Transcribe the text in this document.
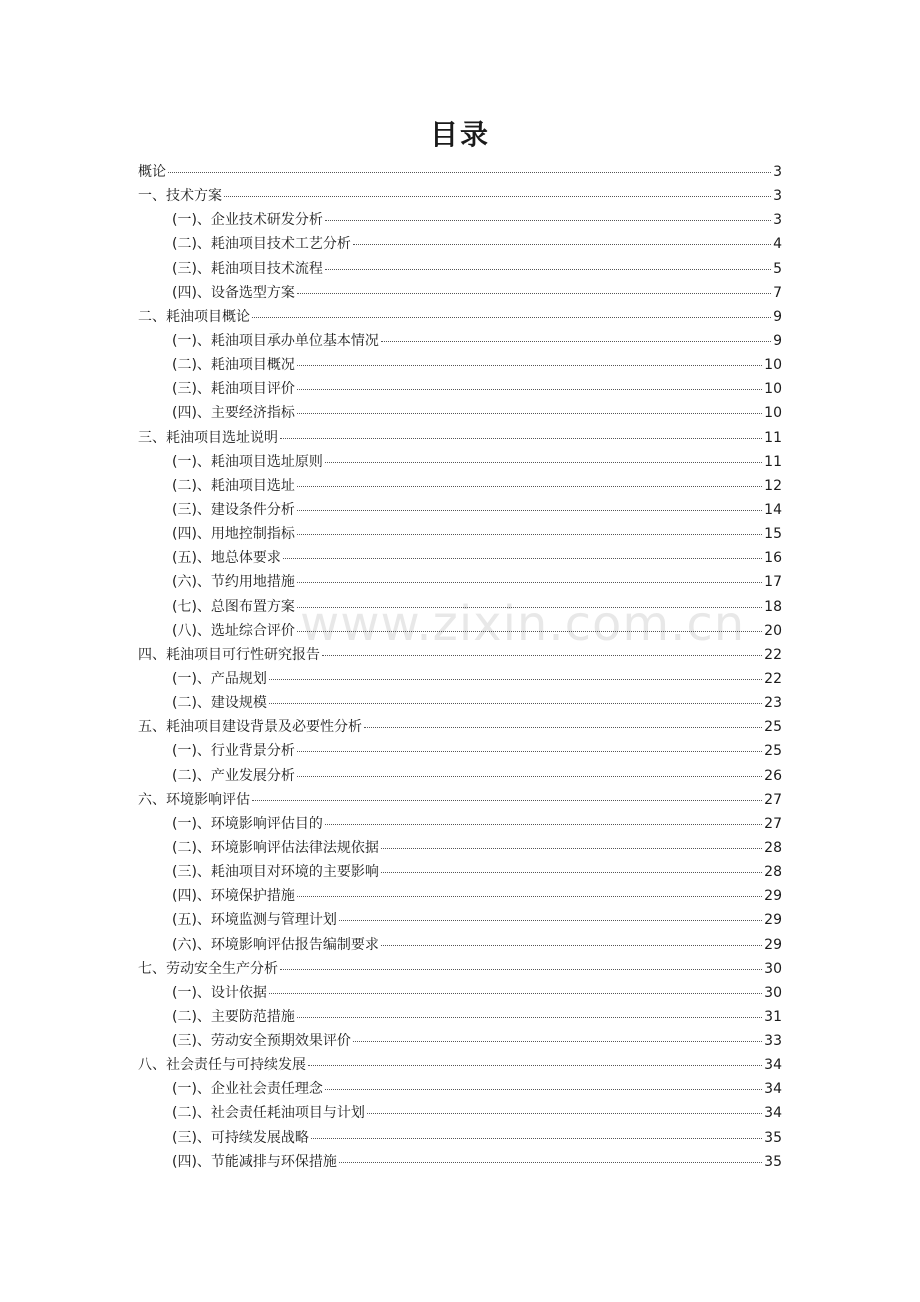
目录
概论	3
一、技术方案	3
(一)、企业技术研发分析	3
(二)、耗油项目技术工艺分析	4
(三)、耗油项目技术流程	5
(四)、设备选型方案	7
二、耗油项目概论	9
(一)、耗油项目承办单位基本情况	9
(二)、耗油项目概况	10
(三)、耗油项目评价	10
(四)、主要经济指标	10
三、耗油项目选址说明	11
(一)、耗油项目选址原则	11
(二)、耗油项目选址	12
(三)、建设条件分析	14
(四)、用地控制指标	15
(五)、地总体要求	16
(六)、节约用地措施	17
(七)、总图布置方案	18
(八)、选址综合评价	20
四、耗油项目可行性研究报告	22
(一)、产品规划	22
(二)、建设规模	23
五、耗油项目建设背景及必要性分析	25
(一)、行业背景分析	25
(二)、产业发展分析	26
六、环境影响评估	27
(一)、环境影响评估目的	27
(二)、环境影响评估法律法规依据	28
(三)、耗油项目对环境的主要影响	28
(四)、环境保护措施	29
(五)、环境监测与管理计划	29
(六)、环境影响评估报告编制要求	29
七、劳动安全生产分析	30
(一)、设计依据	30
(二)、主要防范措施	31
(三)、劳动安全预期效果评价	33
八、社会责任与可持续发展	34
(一)、企业社会责任理念	34
(二)、社会责任耗油项目与计划	34
(三)、可持续发展战略	35
(四)、节能减排与环保措施	35
www.zixin.com.cn
